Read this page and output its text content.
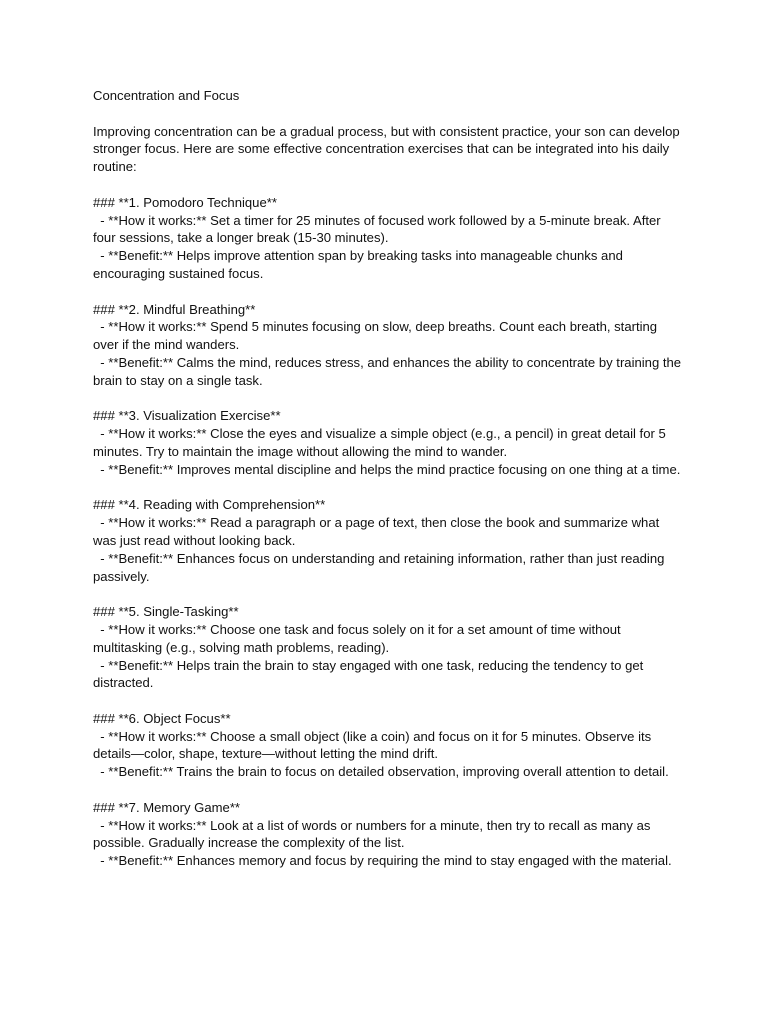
Concentration and Focus

Improving concentration can be a gradual process, but with consistent practice, your son can develop stronger focus. Here are some effective concentration exercises that can be integrated into his daily routine:

### **1. Pomodoro Technique**
- **How it works:** Set a timer for 25 minutes of focused work followed by a 5-minute break. After four sessions, take a longer break (15-30 minutes).
- **Benefit:** Helps improve attention span by breaking tasks into manageable chunks and encouraging sustained focus.
### **2. Mindful Breathing**
- **How it works:** Spend 5 minutes focusing on slow, deep breaths. Count each breath, starting over if the mind wanders.
- **Benefit:** Calms the mind, reduces stress, and enhances the ability to concentrate by training the brain to stay on a single task.
### **3. Visualization Exercise**
- **How it works:** Close the eyes and visualize a simple object (e.g., a pencil) in great detail for 5 minutes. Try to maintain the image without allowing the mind to wander.
- **Benefit:** Improves mental discipline and helps the mind practice focusing on one thing at a time.
### **4. Reading with Comprehension**
- **How it works:** Read a paragraph or a page of text, then close the book and summarize what was just read without looking back.
- **Benefit:** Enhances focus on understanding and retaining information, rather than just reading passively.
### **5. Single-Tasking**
- **How it works:** Choose one task and focus solely on it for a set amount of time without multitasking (e.g., solving math problems, reading).
- **Benefit:** Helps train the brain to stay engaged with one task, reducing the tendency to get distracted.
### **6. Object Focus**
- **How it works:** Choose a small object (like a coin) and focus on it for 5 minutes. Observe its details—color, shape, texture—without letting the mind drift.
- **Benefit:** Trains the brain to focus on detailed observation, improving overall attention to detail.
### **7. Memory Game**
- **How it works:** Look at a list of words or numbers for a minute, then try to recall as many as possible. Gradually increase the complexity of the list.
- **Benefit:** Enhances memory and focus by requiring the mind to stay engaged with the material.
